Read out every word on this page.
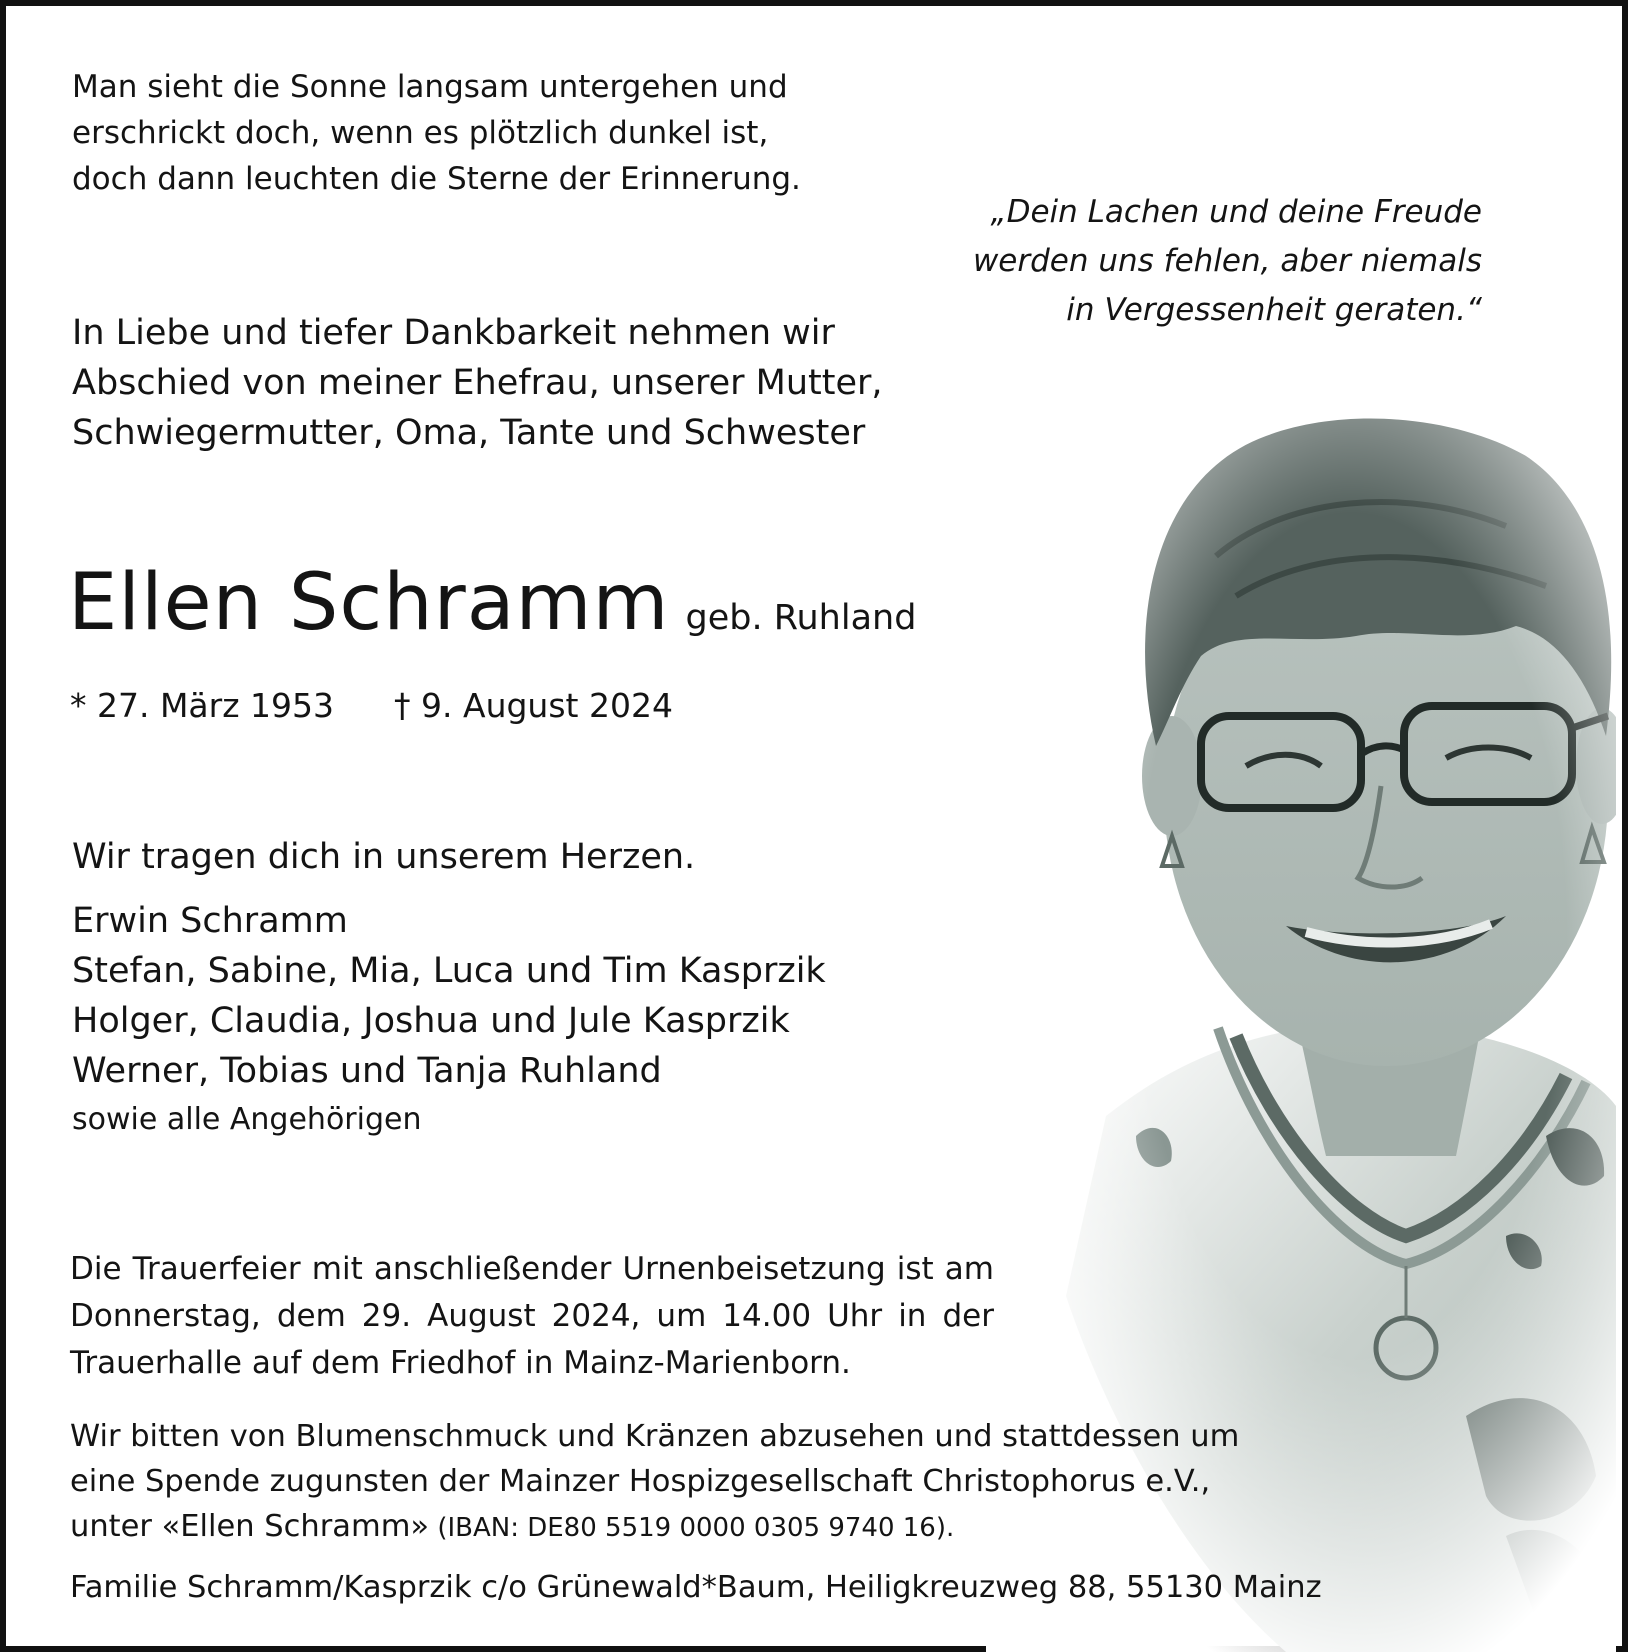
Man sieht die Sonne langsam untergehen und
erschrickt doch, wenn es plötzlich dunkel ist,
doch dann leuchten die Sterne der Erinnerung.
„Dein Lachen und deine Freude
werden uns fehlen, aber niemals
in Vergessenheit geraten.“
In Liebe und tiefer Dankbarkeit nehmen wir
Abschied von meiner Ehefrau, unserer Mutter,
Schwiegermutter, Oma, Tante und Schwester
Ellen Schramm geb. Ruhland
* 27. März 1953 † 9. August 2024
Wir tragen dich in unserem Herzen.
Erwin Schramm
Stefan, Sabine, Mia, Luca und Tim Kasprzik
Holger, Claudia, Joshua und Jule Kasprzik
Werner, Tobias und Tanja Ruhland
sowie alle Angehörigen
Die Trauerfeier mit anschließender Urnenbeisetzung ist am Donnerstag, dem 29. August 2024, um 14.00 Uhr in der Trauerhalle auf dem Friedhof in Mainz-Marienborn.
Wir bitten von Blumenschmuck und Kränzen abzusehen und stattdessen um
eine Spende zugunsten der Mainzer Hospizgesellschaft Christophorus e.V.,
unter «Ellen Schramm» (IBAN: DE80 5519 0000 0305 9740 16).
Familie Schramm/Kasprzik c/o Grünewald*Baum, Heiligkreuzweg 88, 55130 Mainz
